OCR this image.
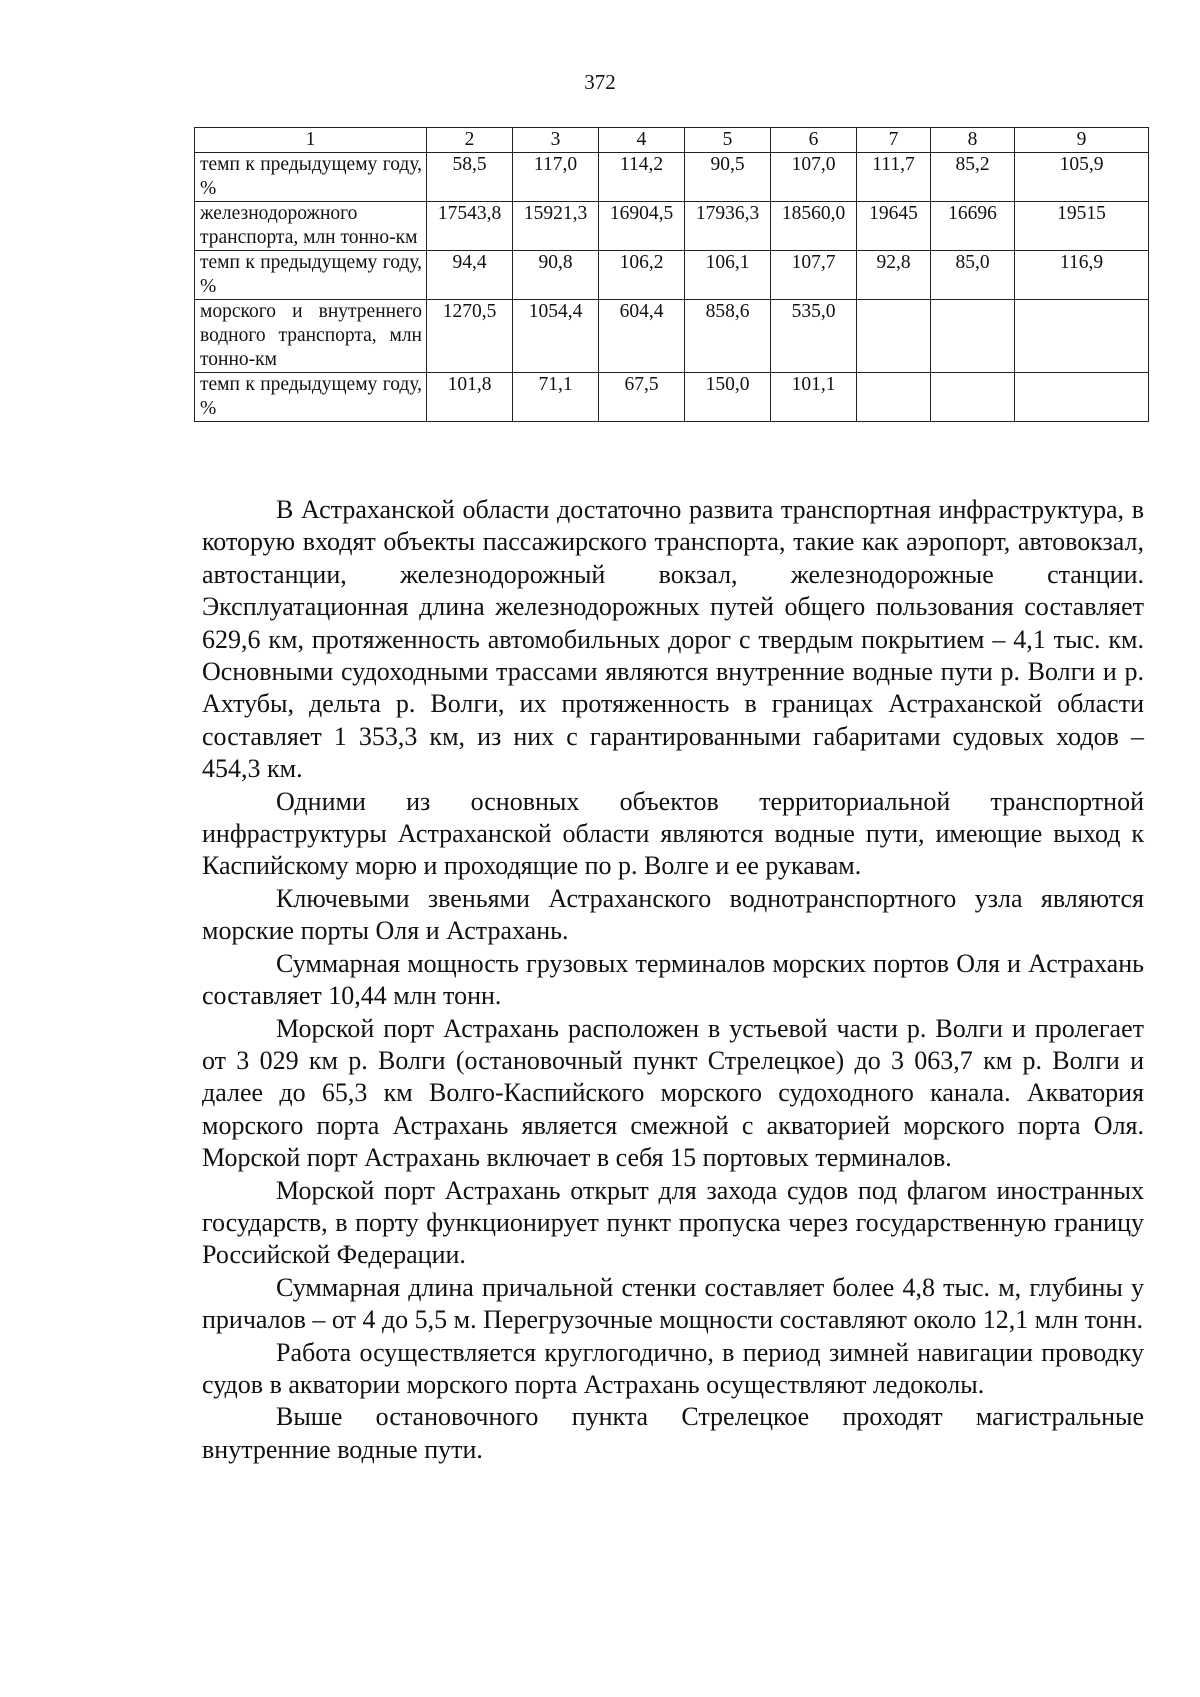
372
1	2	3	4	5	6	7	8	9
темп к предыдущему году, %	58,5	117,0	114,2	90,5	107,0	111,7	85,2	105,9
железнодорожного транспорта, млн тонно-км	17543,8	15921,3	16904,5	17936,3	18560,0	19645	16696	19515
темп к предыдущему году, %	94,4	90,8	106,2	106,1	107,7	92,8	85,0	116,9
морского и внутреннего водного транспорта, млн тонно-км	1270,5	1054,4	604,4	858,6	535,0			
темп к предыдущему году, %	101,8	71,1	67,5	150,0	101,1			

В Астраханской области достаточно развита транспортная инфраструктура, в которую входят объекты пассажирского транспорта, такие как аэропорт, автовокзал, автостанции, железнодорожный вокзал, железнодорожные станции. Эксплуатационная длина железнодорожных путей общего пользования составляет 629,6 км, протяженность автомобильных дорог с твердым покрытием – 4,1 тыс. км. Основными судоходными трассами являются внутренние водные пути р. Волги и р. Ахтубы, дельта р. Волги, их протяженность в границах Астраханской области составляет 1 353,3 км, из них с гарантированными габаритами судовых ходов – 454,3 км.

Одними из основных объектов территориальной транспортной инфраструктуры Астраханской области являются водные пути, имеющие выход к Каспийскому морю и проходящие по р. Волге и ее рукавам.

Ключевыми звеньями Астраханского воднотранспортного узла являются морские порты Оля и Астрахань.

Суммарная мощность грузовых терминалов морских портов Оля и Астрахань составляет 10,44 млн тонн.

Морской порт Астрахань расположен в устьевой части р. Волги и пролегает от 3 029 км р. Волги (остановочный пункт Стрелецкое) до 3 063,7 км р. Волги и далее до 65,3 км Волго-Каспийского морского судоходного канала. Акватория морского порта Астрахань является смежной с акваторией морского порта Оля. Морской порт Астрахань включает в себя 15 портовых терминалов.

Морской порт Астрахань открыт для захода судов под флагом иностранных государств, в порту функционирует пункт пропуска через государственную границу Российской Федерации.

Суммарная длина причальной стенки составляет более 4,8 тыс. м, глубины у причалов – от 4 до 5,5 м. Перегрузочные мощности составляют около 12,1 млн тонн.

Работа осуществляется круглогодично, в период зимней навигации проводку судов в акватории морского порта Астрахань осуществляют ледоколы.

Выше остановочного пункта Стрелецкое проходят магистральные внутренние водные пути.
